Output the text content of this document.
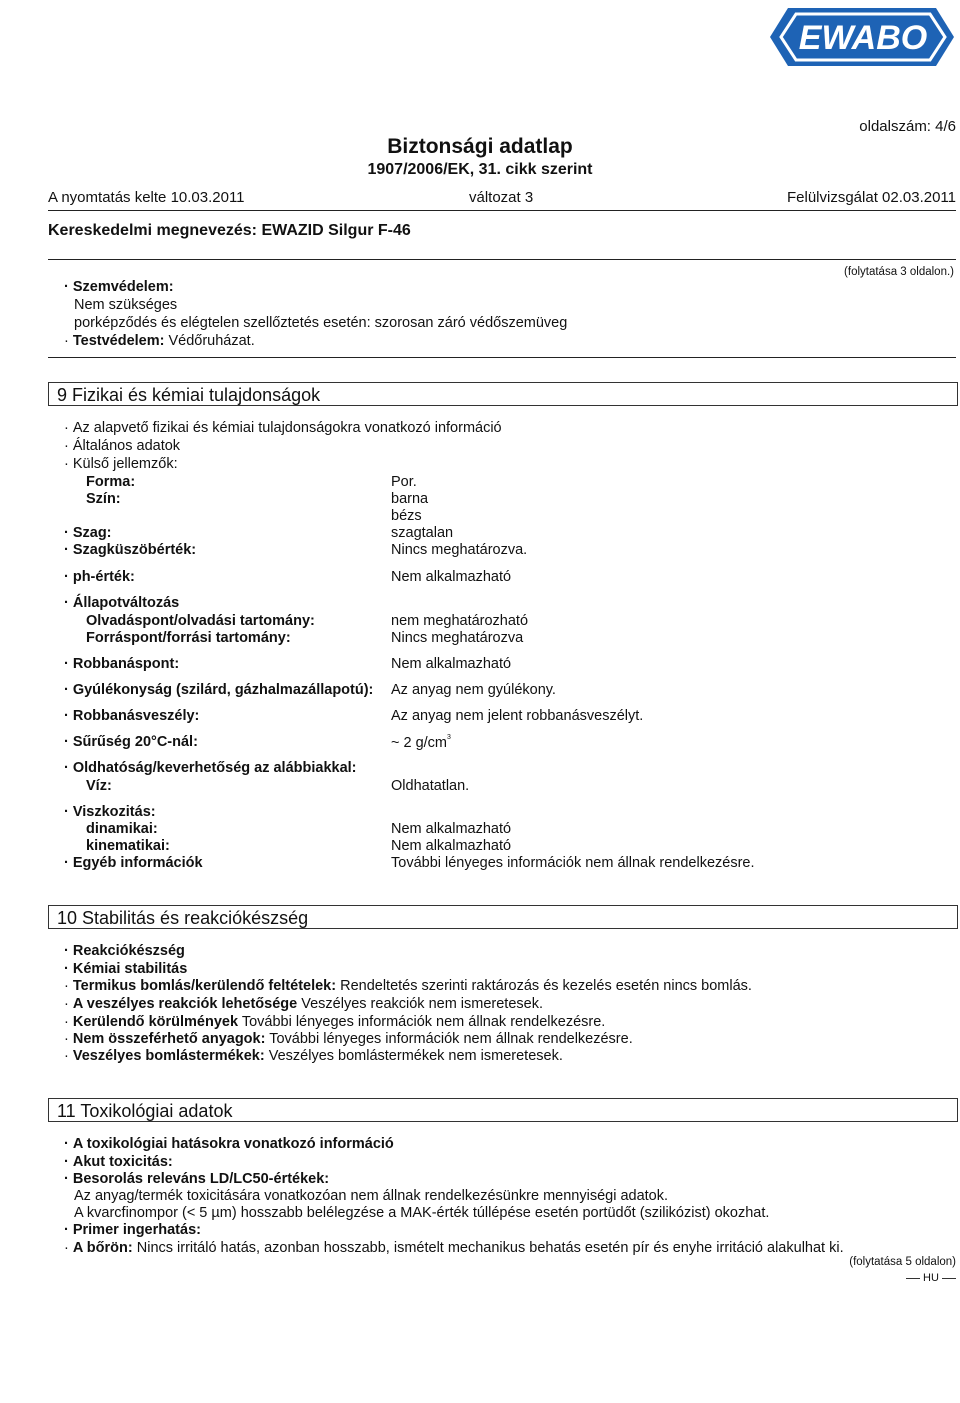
EWABO
oldalszám: 4/6
Biztonsági adatlap
1907/2006/EK, 31. cikk szerint
A nyomtatás kelte 10.03.2011	változat 3	Felülvizsgálat 02.03.2011
Kereskedelmi megnevezés: EWAZID Silgur F-46
(folytatása 3 oldalon.)
· Szemvédelem:
Nem szükséges
porképződés és elégtelen szellőztetés esetén: szorosan záró védőszemüveg
· Testvédelem: Védőruházat.
9 Fizikai és kémiai tulajdonságok
· Az alapvető fizikai és kémiai tulajdonságokra vonatkozó információ
· Általános adatok
· Külső jellemzők:
Forma:	Por.
Szín:	barna
bézs
· Szag:	szagtalan
· Szagküszöbérték:	Nincs meghatározva.
· ph-érték:	Nem alkalmazható
· Állapotváltozás
Olvadáspont/olvadási tartomány:	nem meghatározható
Forráspont/forrási tartomány:	Nincs meghatározva
· Robbanáspont:	Nem alkalmazható
· Gyúlékonyság (szilárd, gázhalmazállapotú): Az anyag nem gyúlékony.
· Robbanásveszély:	Az anyag nem jelent robbanásveszélyt.
· Sűrűség 20°C-nál:	~ 2 $g/cm^3$
· Oldhatóság/keverhetőség az alábbiakkal:
Víz:	Oldhatatlan.
· Viszkozitás:
dinamikai:	Nem alkalmazható
kinematikai:	Nem alkalmazható
· Egyéb információk	További lényeges információk nem állnak rendelkezésre.
10 Stabilitás és reakciókészség
· Reakciókészség
· Kémiai stabilitás
· Termikus bomlás/kerülendő feltételek: Rendeltetés szerinti raktározás és kezelés esetén nincs bomlás.
· A veszélyes reakciók lehetősége Veszélyes reakciók nem ismeretesek.
· Kerülendő körülmények További lényeges információk nem állnak rendelkezésre.
· Nem összeférhető anyagok: További lényeges információk nem állnak rendelkezésre.
· Veszélyes bomlástermékek: Veszélyes bomlástermékek nem ismeretesek.
11 Toxikológiai adatok
· A toxikológiai hatásokra vonatkozó információ
· Akut toxicitás:
· Besorolás releváns LD/LC50-értékek:
Az anyag/termék toxicitására vonatkozóan nem állnak rendelkezésünkre mennyiségi adatok.
A kvarcfinompor (< 5 µm) hosszabb belélegzése a MAK-érték túllépése esetén portüdőt (szilikózist) okozhat.
· Primer ingerhatás:
· A bőrön: Nincs irritáló hatás, azonban hosszabb, ismételt mechanikus behatás esetén pír és enyhe irritáció alakulhat ki.
(folytatása 5 oldalon)
HU
